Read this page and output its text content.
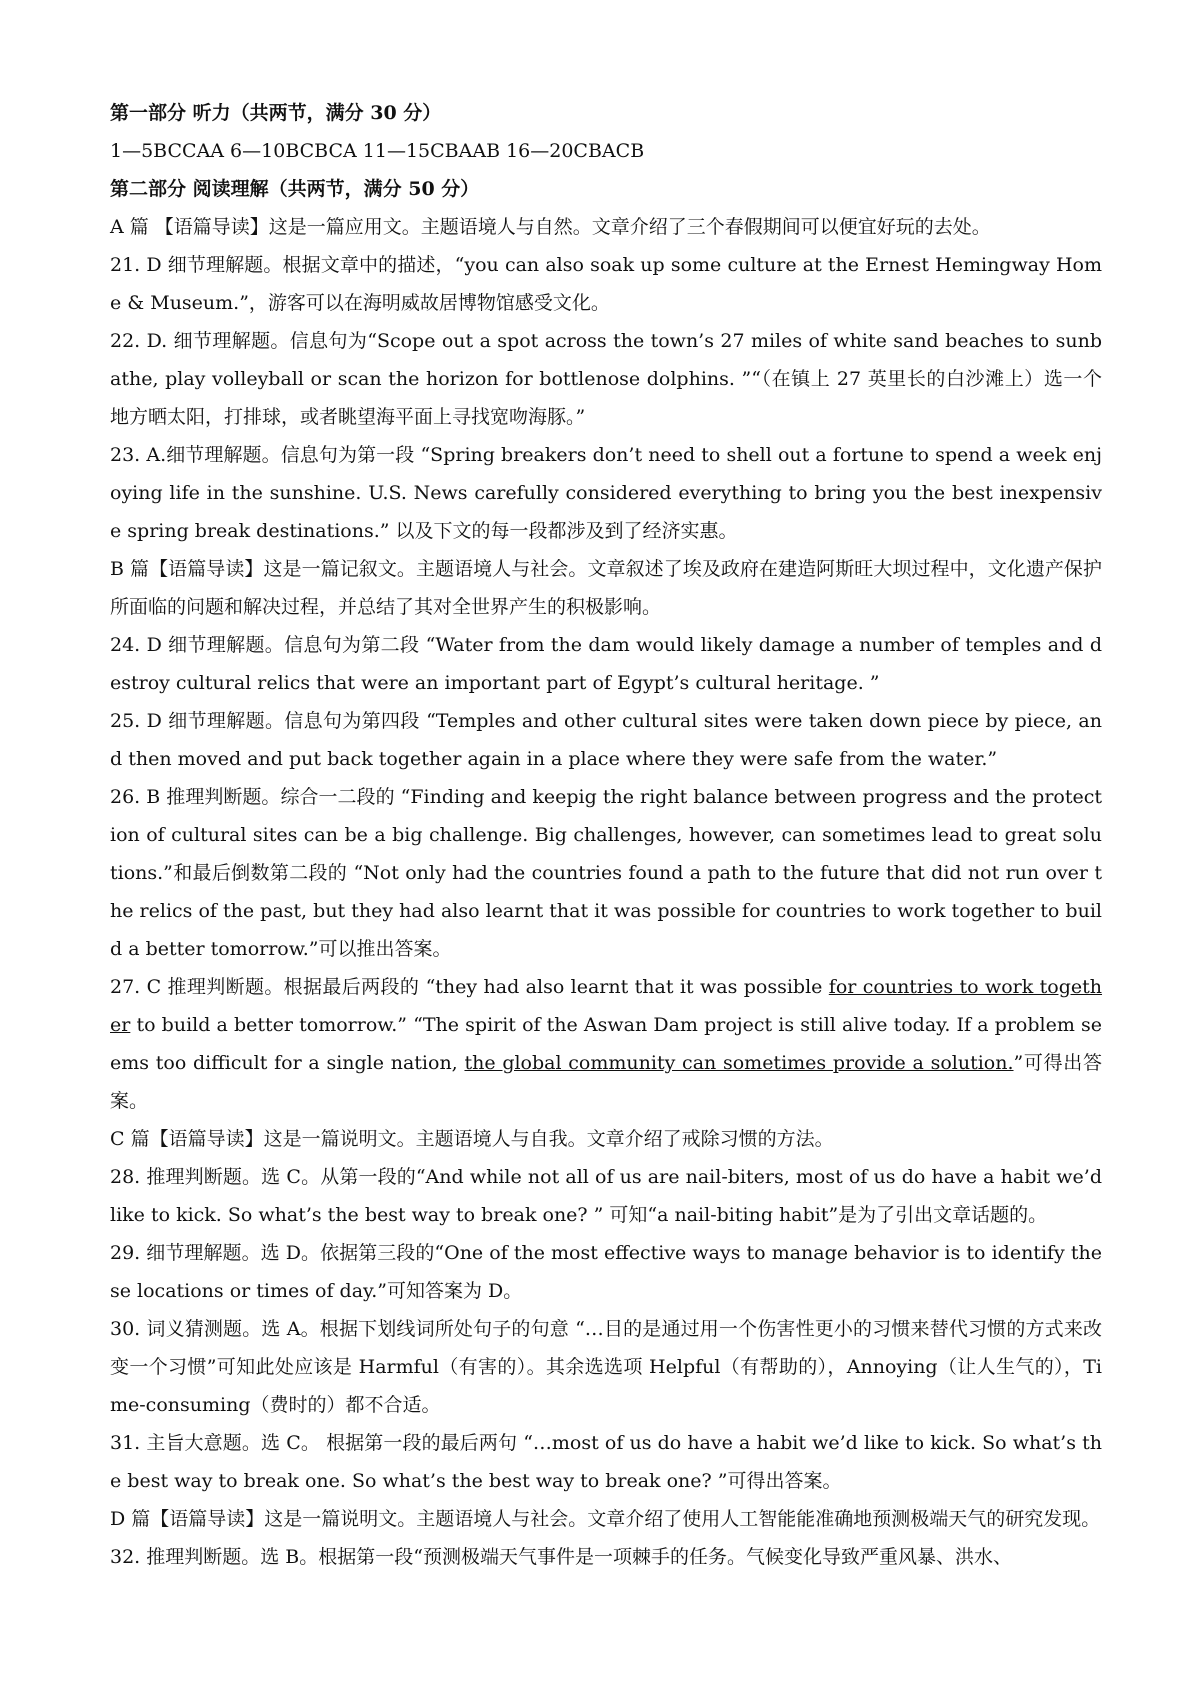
第一部分 听力（共两节，满分 30 分）

1—5BCCAA 6—10BCBCA 11—15CBAAB 16—20CBACB

第二部分 阅读理解（共两节，满分 50 分）

A 篇 【语篇导读】这是一篇应用文。主题语境人与自然。文章介绍了三个春假期间可以便宜好玩的去处。

21. D 细节理解题。根据文章中的描述，“you can also soak up some culture at the Ernest Hemingway Home & Museum.”，游客可以在海明威故居博物馆感受文化。

22. D. 细节理解题。信息句为“Scope out a spot across the town’s 27 miles of white sand beaches to sunbathe, play volleyball or scan the horizon for bottlenose dolphins. ”“（在镇上 27 英里长的白沙滩上）选一个地方晒太阳，打排球，或者眺望海平面上寻找宽吻海豚。”

23. A.细节理解题。信息句为第一段 “Spring breakers don’t need to shell out a fortune to spend a week enjoying life in the sunshine. U.S. News carefully considered everything to bring you the best inexpensive spring break destinations.” 以及下文的每一段都涉及到了经济实惠。

B 篇【语篇导读】这是一篇记叙文。主题语境人与社会。文章叙述了埃及政府在建造阿斯旺大坝过程中，文化遗产保护所面临的问题和解决过程，并总结了其对全世界产生的积极影响。

24. D 细节理解题。信息句为第二段 “Water from the dam would likely damage a number of temples and destroy cultural relics that were an important part of Egypt’s cultural heritage. ”

25. D 细节理解题。信息句为第四段 “Temples and other cultural sites were taken down piece by piece, and then moved and put back together again in a place where they were safe from the water.”

26. B 推理判断题。综合一二段的 “Finding and keepig the right balance between progress and the protection of cultural sites can be a big challenge. Big challenges, however, can sometimes lead to great solutions.”和最后倒数第二段的 “Not only had the countries found a path to the future that did not run over the relics of the past, but they had also learnt that it was possible for countries to work together to build a better tomorrow.”可以推出答案。

27. C 推理判断题。根据最后两段的 “they had also learnt that it was possible for countries to work together to build a better tomorrow.” “The spirit of the Aswan Dam project is still alive today. If a problem seems too difficult for a single nation, the global community can sometimes provide a solution.”可得出答案。

C 篇【语篇导读】这是一篇说明文。主题语境人与自我。文章介绍了戒除习惯的方法。

28. 推理判断题。选 C。从第一段的“And while not all of us are nail-biters, most of us do have a habit we’d like to kick. So what’s the best way to break one? ” 可知“a nail-biting habit”是为了引出文章话题的。

29. 细节理解题。选 D。依据第三段的“One of the most effective ways to manage behavior is to identify these locations or times of day.”可知答案为 D。

30. 词义猜测题。选 A。根据下划线词所处句子的句意 “…目的是通过用一个伤害性更小的习惯来替代习惯的方式来改变一个习惯”可知此处应该是 Harmful（有害的）。其余选选项 Helpful（有帮助的），Annoying（让人生气的），Time-consuming（费时的）都不合适。

31. 主旨大意题。选 C。 根据第一段的最后两句 “…most of us do have a habit we’d like to kick. So what’s the best way to break one. So what’s the best way to break one? ”可得出答案。

D 篇【语篇导读】这是一篇说明文。主题语境人与社会。文章介绍了使用人工智能能准确地预测极端天气的研究发现。

32. 推理判断题。选 B。根据第一段“预测极端天气事件是一项棘手的任务。气候变化导致严重风暴、洪水、
